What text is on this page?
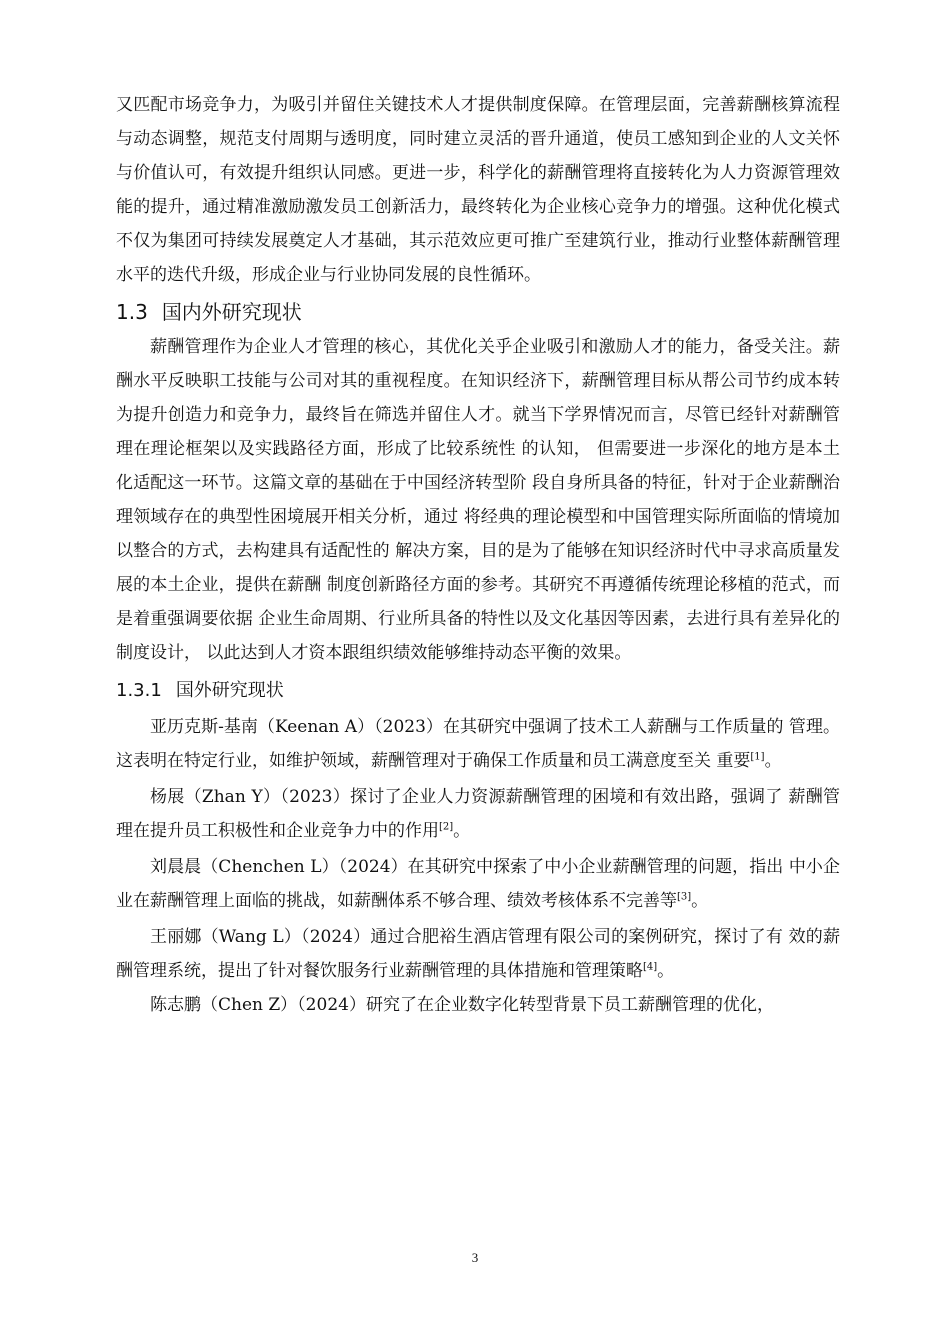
又匹配市场竞争力，为吸引并留住关键技术人才提供制度保障。在管理层面，完善薪酬核算流程与动态调整，规范支付周期与透明度，同时建立灵活的晋升通道，使员工感知到企业的人文关怀与价值认可，有效提升组织认同感。更进一步，科学化的薪酬管理将直接转化为人力资源管理效能的提升，通过精准激励激发员工创新活力，最终转化为企业核心竞争力的增强。这种优化模式不仅为集团可持续发展奠定人才基础，其示范效应更可推广至建筑行业，推动行业整体薪酬管理水平的迭代升级，形成企业与行业协同发展的良性循环。

1.3 国内外研究现状

薪酬管理作为企业人才管理的核心，其优化关乎企业吸引和激励人才的能力，备受关注。薪酬水平反映职工技能与公司对其的重视程度。在知识经济下，薪酬管理目标从帮公司节约成本转为提升创造力和竞争力，最终旨在筛选并留住人才。就当下学界情况而言，尽管已经针对薪酬管理在理论框架以及实践路径方面，形成了比较系统性 的认知， 但需要进一步深化的地方是本土化适配这一环节。这篇文章的基础在于中国经济转型阶 段自身所具备的特征，针对于企业薪酬治理领域存在的典型性困境展开相关分析，通过 将经典的理论模型和中国管理实际所面临的情境加以整合的方式，去构建具有适配性的 解决方案，目的是为了能够在知识经济时代中寻求高质量发展的本土企业，提供在薪酬 制度创新路径方面的参考。其研究不再遵循传统理论移植的范式，而是着重强调要依据 企业生命周期、行业所具备的特性以及文化基因等因素，去进行具有差异化的制度设计， 以此达到人才资本跟组织绩效能够维持动态平衡的效果。

1.3.1 国外研究现状

亚历克斯-基南（Keenan A）（2023）在其研究中强调了技术工人薪酬与工作质量的 管理。这表明在特定行业，如维护领域，薪酬管理对于确保工作质量和员工满意度至关 重要[1]。

杨展（Zhan Y）（2023）探讨了企业人力资源薪酬管理的困境和有效出路，强调了 薪酬管理在提升员工积极性和企业竞争力中的作用[2]。

刘晨晨（Chenchen L）（2024）在其研究中探索了中小企业薪酬管理的问题，指出 中小企业在薪酬管理上面临的挑战，如薪酬体系不够合理、绩效考核体系不完善等[3]。

王丽娜（Wang L）（2024）通过合肥裕生酒店管理有限公司的案例研究，探讨了有 效的薪酬管理系统，提出了针对餐饮服务行业薪酬管理的具体措施和管理策略[4]。

陈志鹏（Chen Z）（2024）研究了在企业数字化转型背景下员工薪酬管理的优化，

3
